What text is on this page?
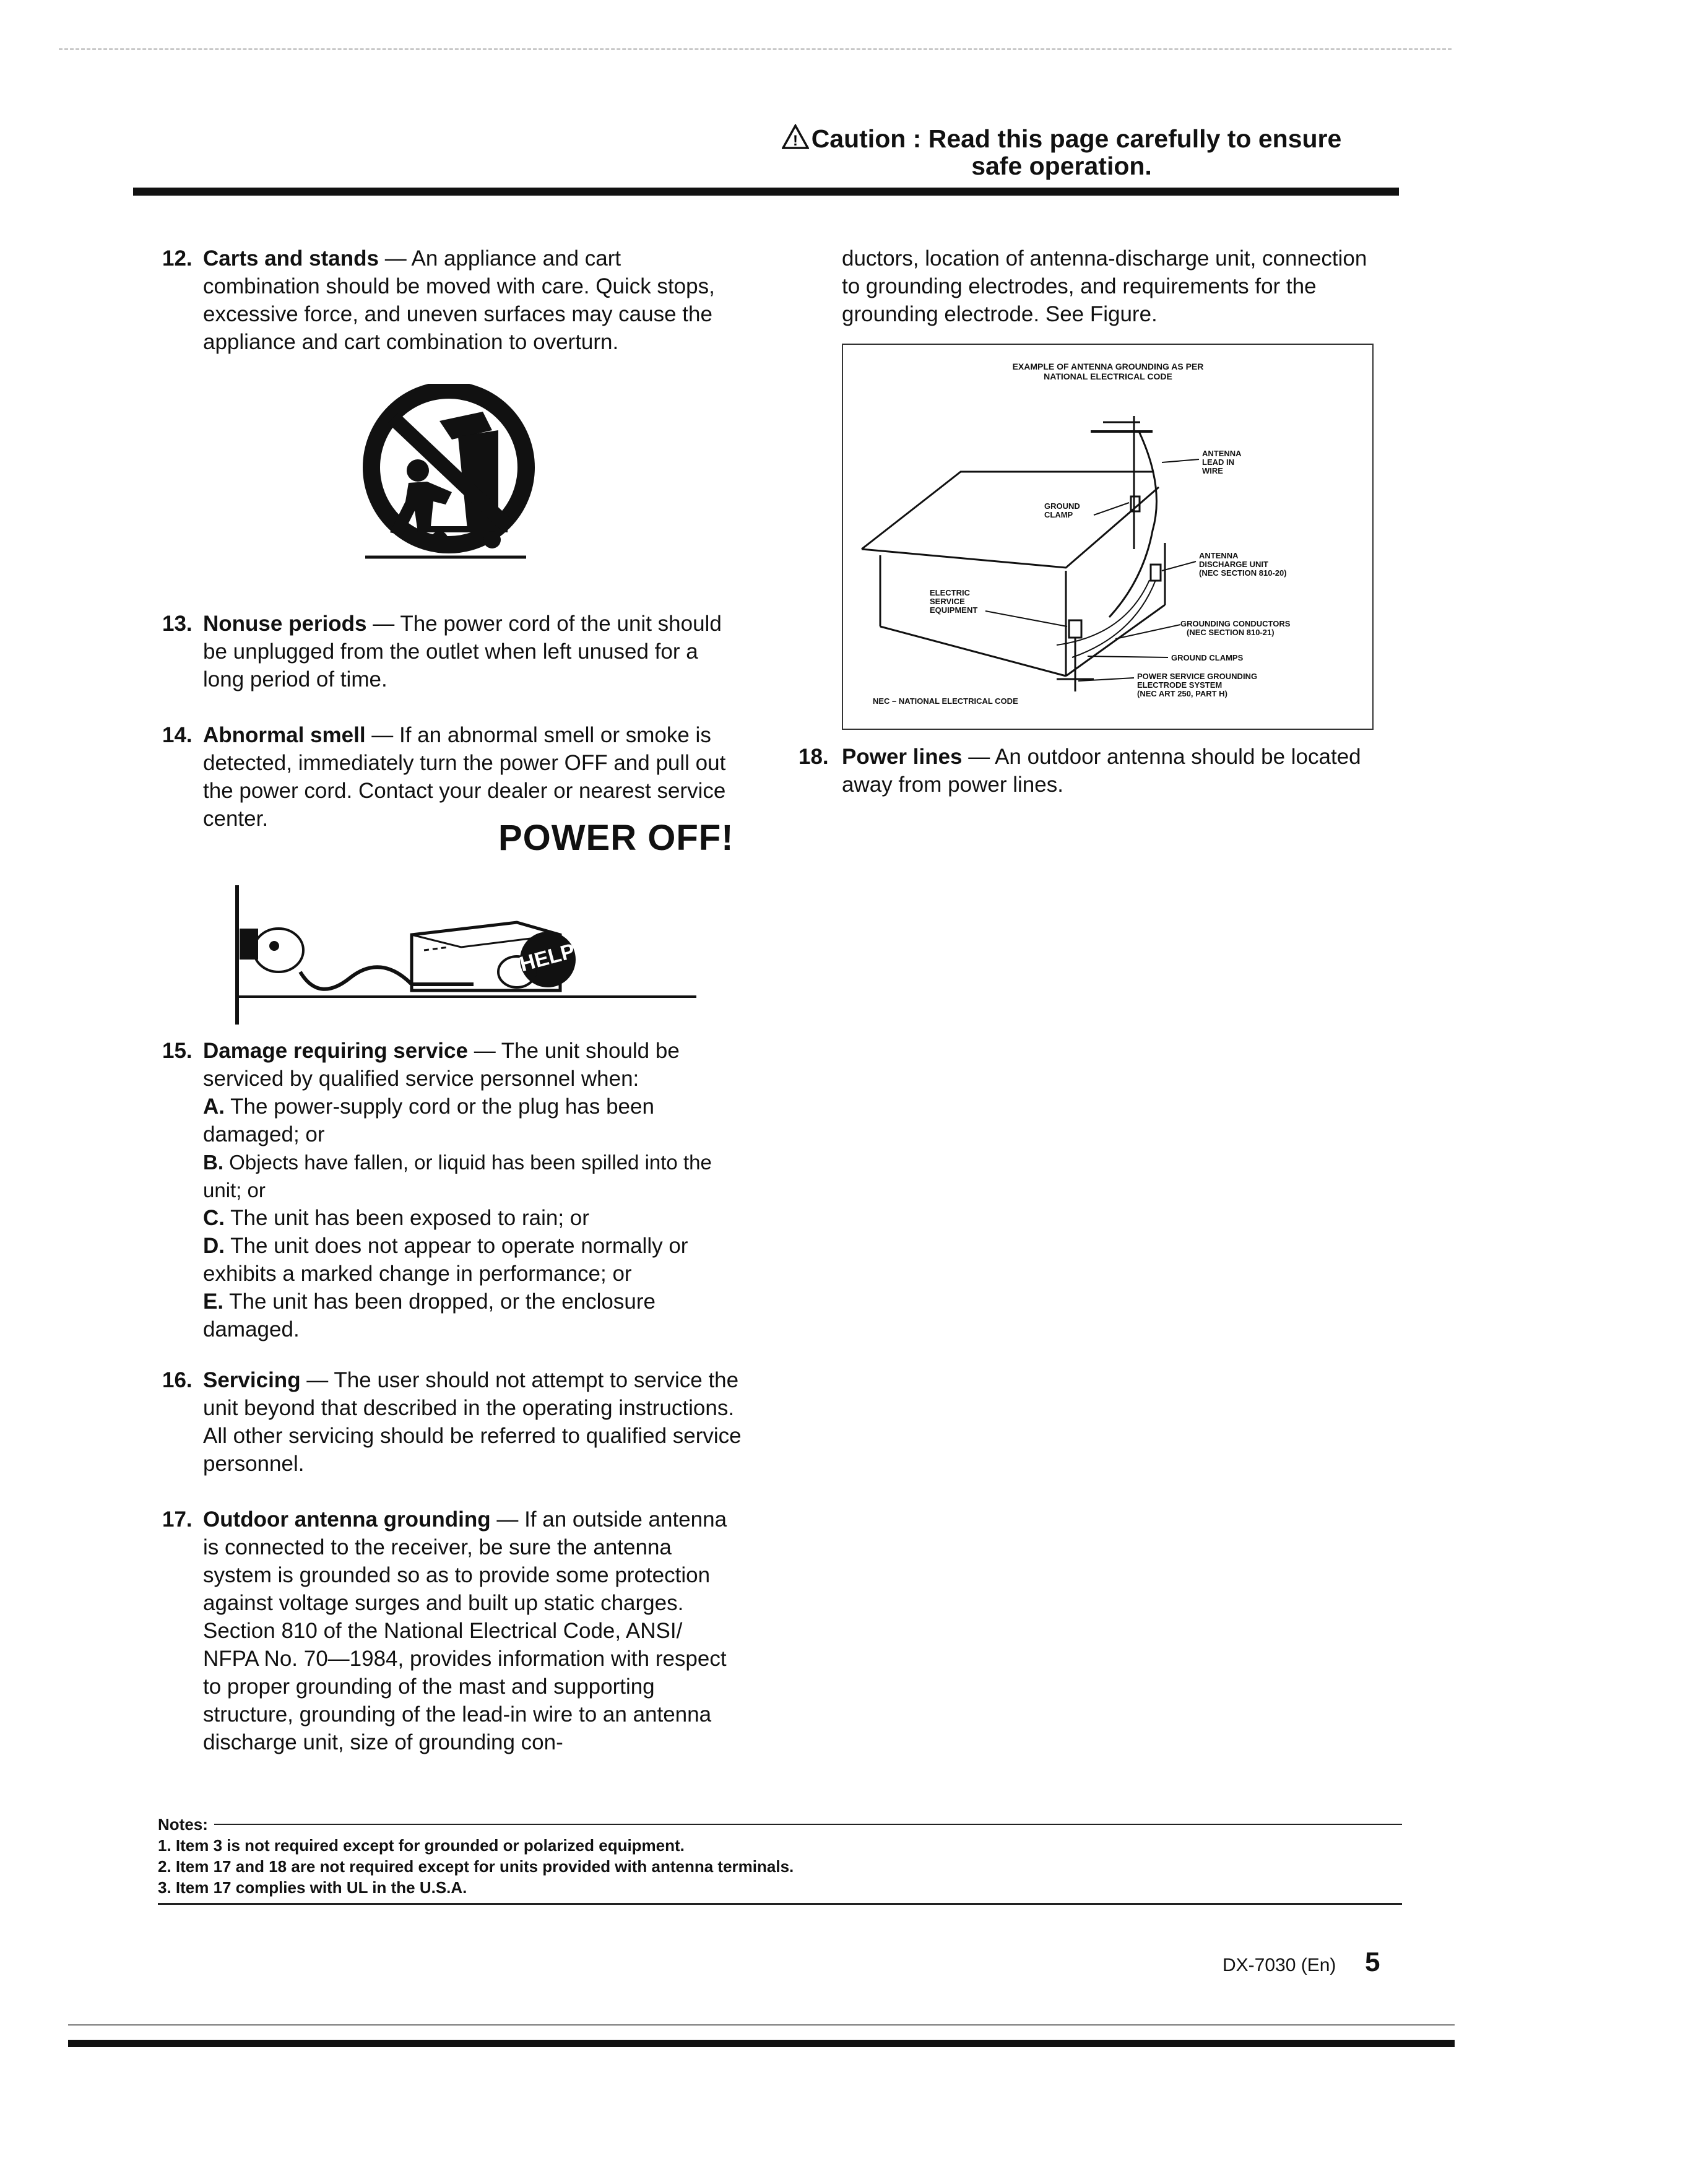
! Caution : Read this page carefully to ensure
safe operation.
12. Carts and stands — An appliance and cart combination should be moved with care. Quick stops, excessive force, and uneven surfaces may cause the appliance and cart combination to overturn.
13. Nonuse periods — The power cord of the unit should be unplugged from the outlet when left unused for a long period of time.
14. Abnormal smell — If an abnormal smell or smoke is detected, immediately turn the power OFF and pull out the power cord. Contact your dealer or nearest service center.	POWER OFF!
HELP
15. Damage requiring service — The unit should be serviced by qualified service personnel when:
A. The power-supply cord or the plug has been damaged; or
B. Objects have fallen, or liquid has been spilled into the unit; or
C. The unit has been exposed to rain; or
D. The unit does not appear to operate normally or exhibits a marked change in performance; or
E. The unit has been dropped, or the enclosure damaged.
16. Servicing — The user should not attempt to service the unit beyond that described in the operating instructions. All other servicing should be referred to qualified service personnel.
17. Outdoor antenna grounding — If an outside antenna is connected to the receiver, be sure the antenna system is grounded so as to provide some protection against voltage surges and built up static charges. Section 810 of the National Electrical Code, ANSI/ NFPA No. 70—1984, provides information with respect to proper grounding of the mast and supporting structure, grounding of the lead-in wire to an antenna discharge unit, size of grounding con-
ductors, location of antenna-discharge unit, connection to grounding electrodes, and requirements for the grounding electrode. See Figure.
EXAMPLE OF ANTENNA GROUNDING AS PER
NATIONAL ELECTRICAL CODE
ANTENNA
LEAD IN
WIRE
GROUND
CLAMP
ANTENNA
DISCHARGE UNIT
(NEC SECTION 810-20)
ELECTRIC
SERVICE
EQUIPMENT
GROUNDING CONDUCTORS
(NEC SECTION 810-21)
GROUND CLAMPS
POWER SERVICE GROUNDING
ELECTRODE SYSTEM
(NEC ART 250, PART H)
NEC – NATIONAL ELECTRICAL CODE
18. Power lines — An outdoor antenna should be located away from power lines.
Notes:
1. Item 3 is not required except for grounded or polarized equipment.
2. Item 17 and 18 are not required except for units provided with antenna terminals.
3. Item 17 complies with UL in the U.S.A.
DX-7030 (En) 5
